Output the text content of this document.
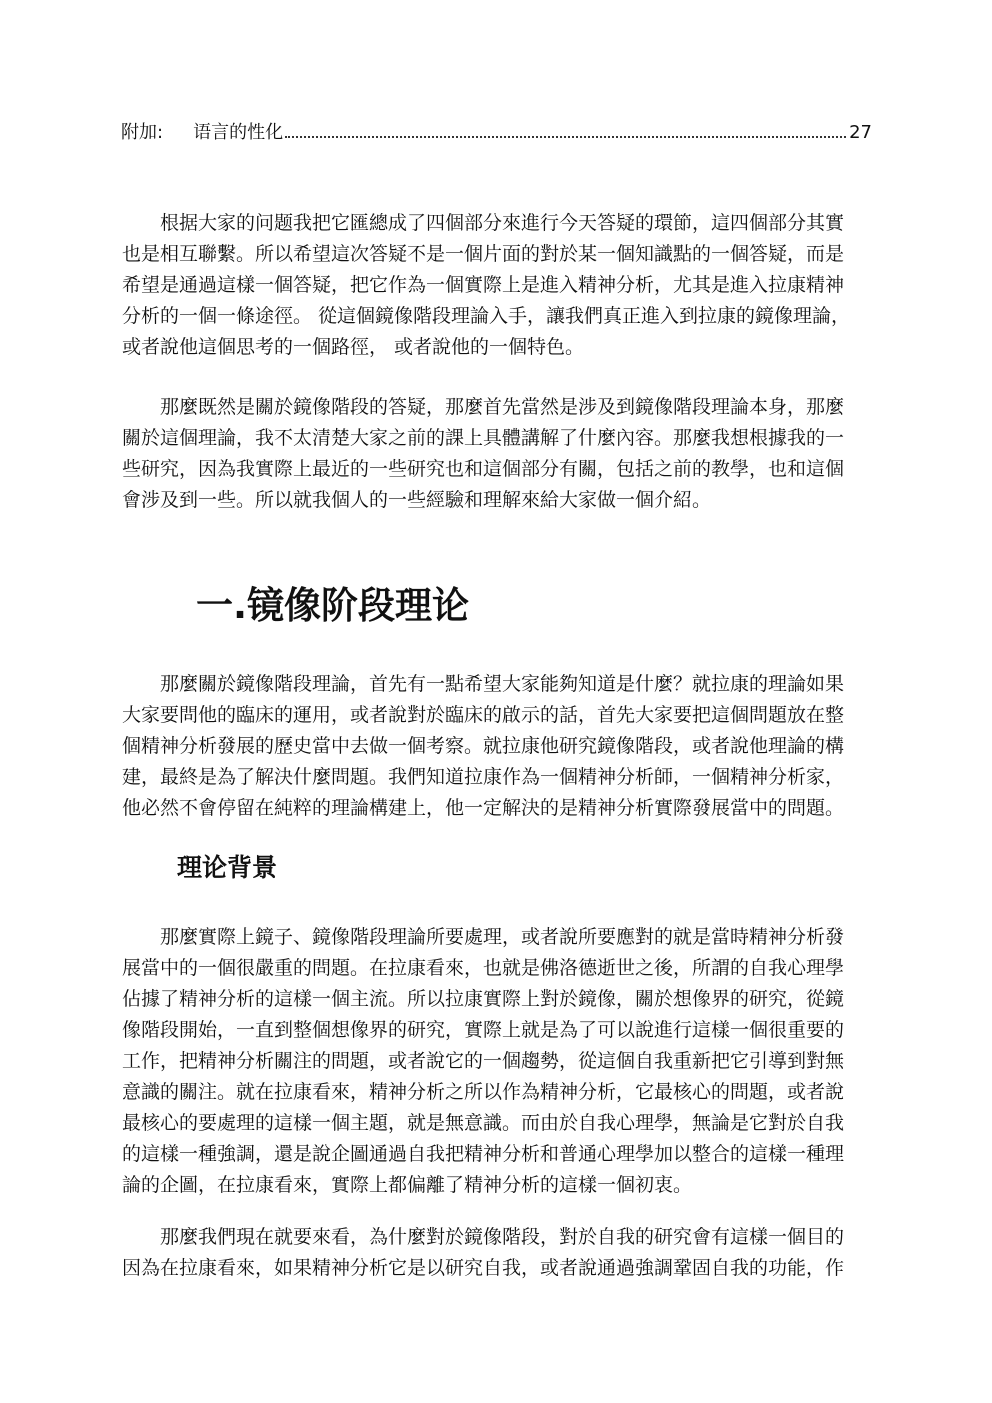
附加: 语言的性化	27

　　根据大家的问题我把它匯總成了四個部分來進行今天答疑的環節，這四個部分其實
也是相互聯繫。所以希望這次答疑不是一個片面的對於某一個知識點的一個答疑，而是
希望是通過這樣一個答疑，把它作為一個實際上是進入精神分析，尤其是進入拉康精神
分析的一個一條途徑。 從這個鏡像階段理論入手，讓我們真正進入到拉康的鏡像理論，
或者說他這個思考的一個路徑， 或者說他的一個特色。

　　那麼既然是關於鏡像階段的答疑，那麼首先當然是涉及到鏡像階段理論本身，那麼
關於這個理論，我不太清楚大家之前的課上具體講解了什麼內容。那麼我想根據我的一
些研究，因為我實際上最近的一些研究也和這個部分有關，包括之前的教學，也和這個
會涉及到一些。所以就我個人的一些經驗和理解來給大家做一個介紹。

一.镜像阶段理论

　　那麼關於鏡像階段理論，首先有一點希望大家能夠知道是什麼？就拉康的理論如果
大家要問他的臨床的運用，或者說對於臨床的啟示的話，首先大家要把這個問題放在整
個精神分析發展的歷史當中去做一個考察。就拉康他研究鏡像階段，或者說他理論的構
建，最終是為了解決什麼問題。我們知道拉康作為一個精神分析師，一個精神分析家，
他必然不會停留在純粹的理論構建上，他一定解決的是精神分析實際發展當中的問題。

理论背景

　　那麼實際上鏡子、鏡像階段理論所要處理，或者說所要應對的就是當時精神分析發
展當中的一個很嚴重的問題。在拉康看來，也就是佛洛德逝世之後，所謂的自我心理學
佔據了精神分析的這樣一個主流。所以拉康實際上對於鏡像，關於想像界的研究，從鏡
像階段開始，一直到整個想像界的研究，實際上就是為了可以說進行這樣一個很重要的
工作，把精神分析關注的問題，或者說它的一個趨勢，從這個自我重新把它引導到對無
意識的關注。就在拉康看來，精神分析之所以作為精神分析，它最核心的問題，或者說
最核心的要處理的這樣一個主題，就是無意識。而由於自我心理學，無論是它對於自我
的這樣一種強調，還是說企圖通過自我把精神分析和普通心理學加以整合的這樣一種理
論的企圖，在拉康看來，實際上都偏離了精神分析的這樣一個初衷。

　　那麼我們現在就要來看，為什麼對於鏡像階段，對於自我的研究會有這樣一個目的
因為在拉康看來，如果精神分析它是以研究自我，或者說通過強調鞏固自我的功能，作
